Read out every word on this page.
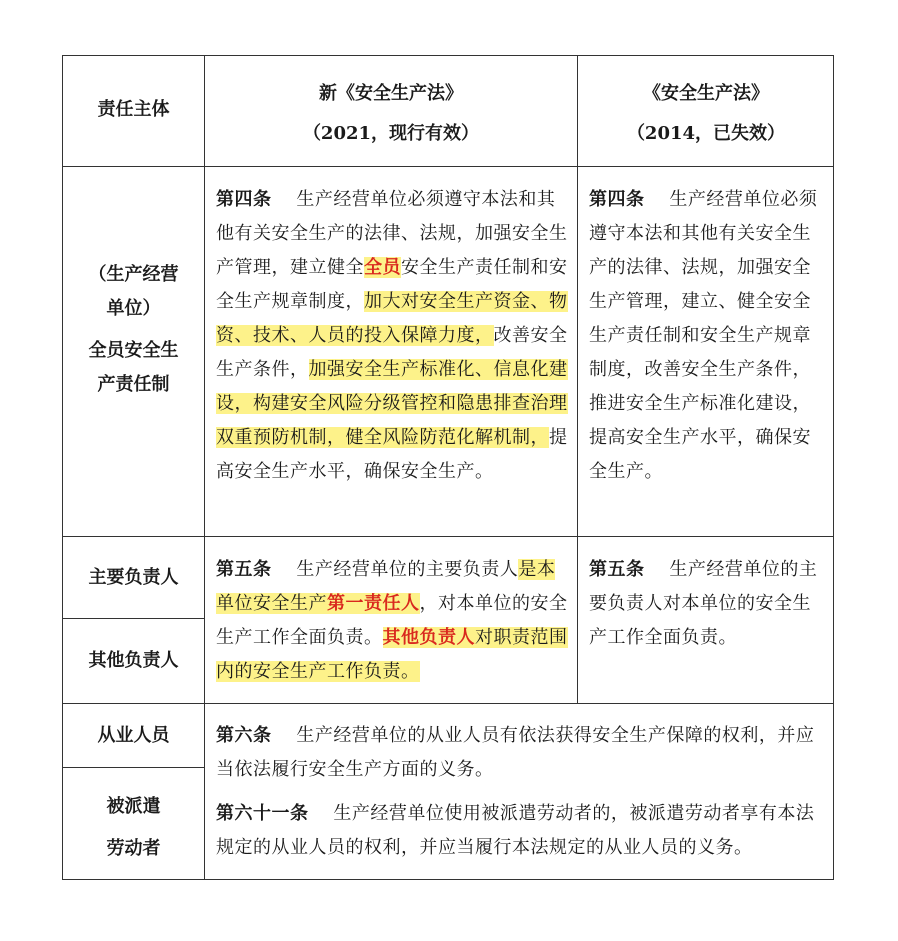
责任主体
新《安全生产法》
（2021，现行有效）
《安全生产法》
（2014，已失效）
（生产经营
单位）
全员安全生
产责任制
第四条 生产经营单位必须遵守本法和其他有关安全生产的法律、法规，加强安全生产管理，建立健全全员安全生产责任制和安全生产规章制度，加大对安全生产资金、物资、技术、人员的投入保障力度，改善安全生产条件，加强安全生产标准化、信息化建设，构建安全风险分级管控和隐患排查治理双重预防机制，健全风险防范化解机制，提高安全生产水平，确保安全生产。
第四条 生产经营单位必须遵守本法和其他有关安全生产的法律、法规，加强安全生产管理，建立、健全安全生产责任制和安全生产规章制度，改善安全生产条件，推进安全生产标准化建设，提高安全生产水平，确保安全生产。
主要负责人
其他负责人
第五条 生产经营单位的主要负责人是本单位安全生产第一责任人，对本单位的安全生产工作全面负责。其他负责人对职责范围内的安全生产工作负责。
第五条 生产经营单位的主要负责人对本单位的安全生产工作全面负责。
从业人员
被派遣
劳动者
第六条 生产经营单位的从业人员有依法获得安全生产保障的权利，并应当依法履行安全生产方面的义务。
第六十一条 生产经营单位使用被派遣劳动者的，被派遣劳动者享有本法规定的从业人员的权利，并应当履行本法规定的从业人员的义务。
